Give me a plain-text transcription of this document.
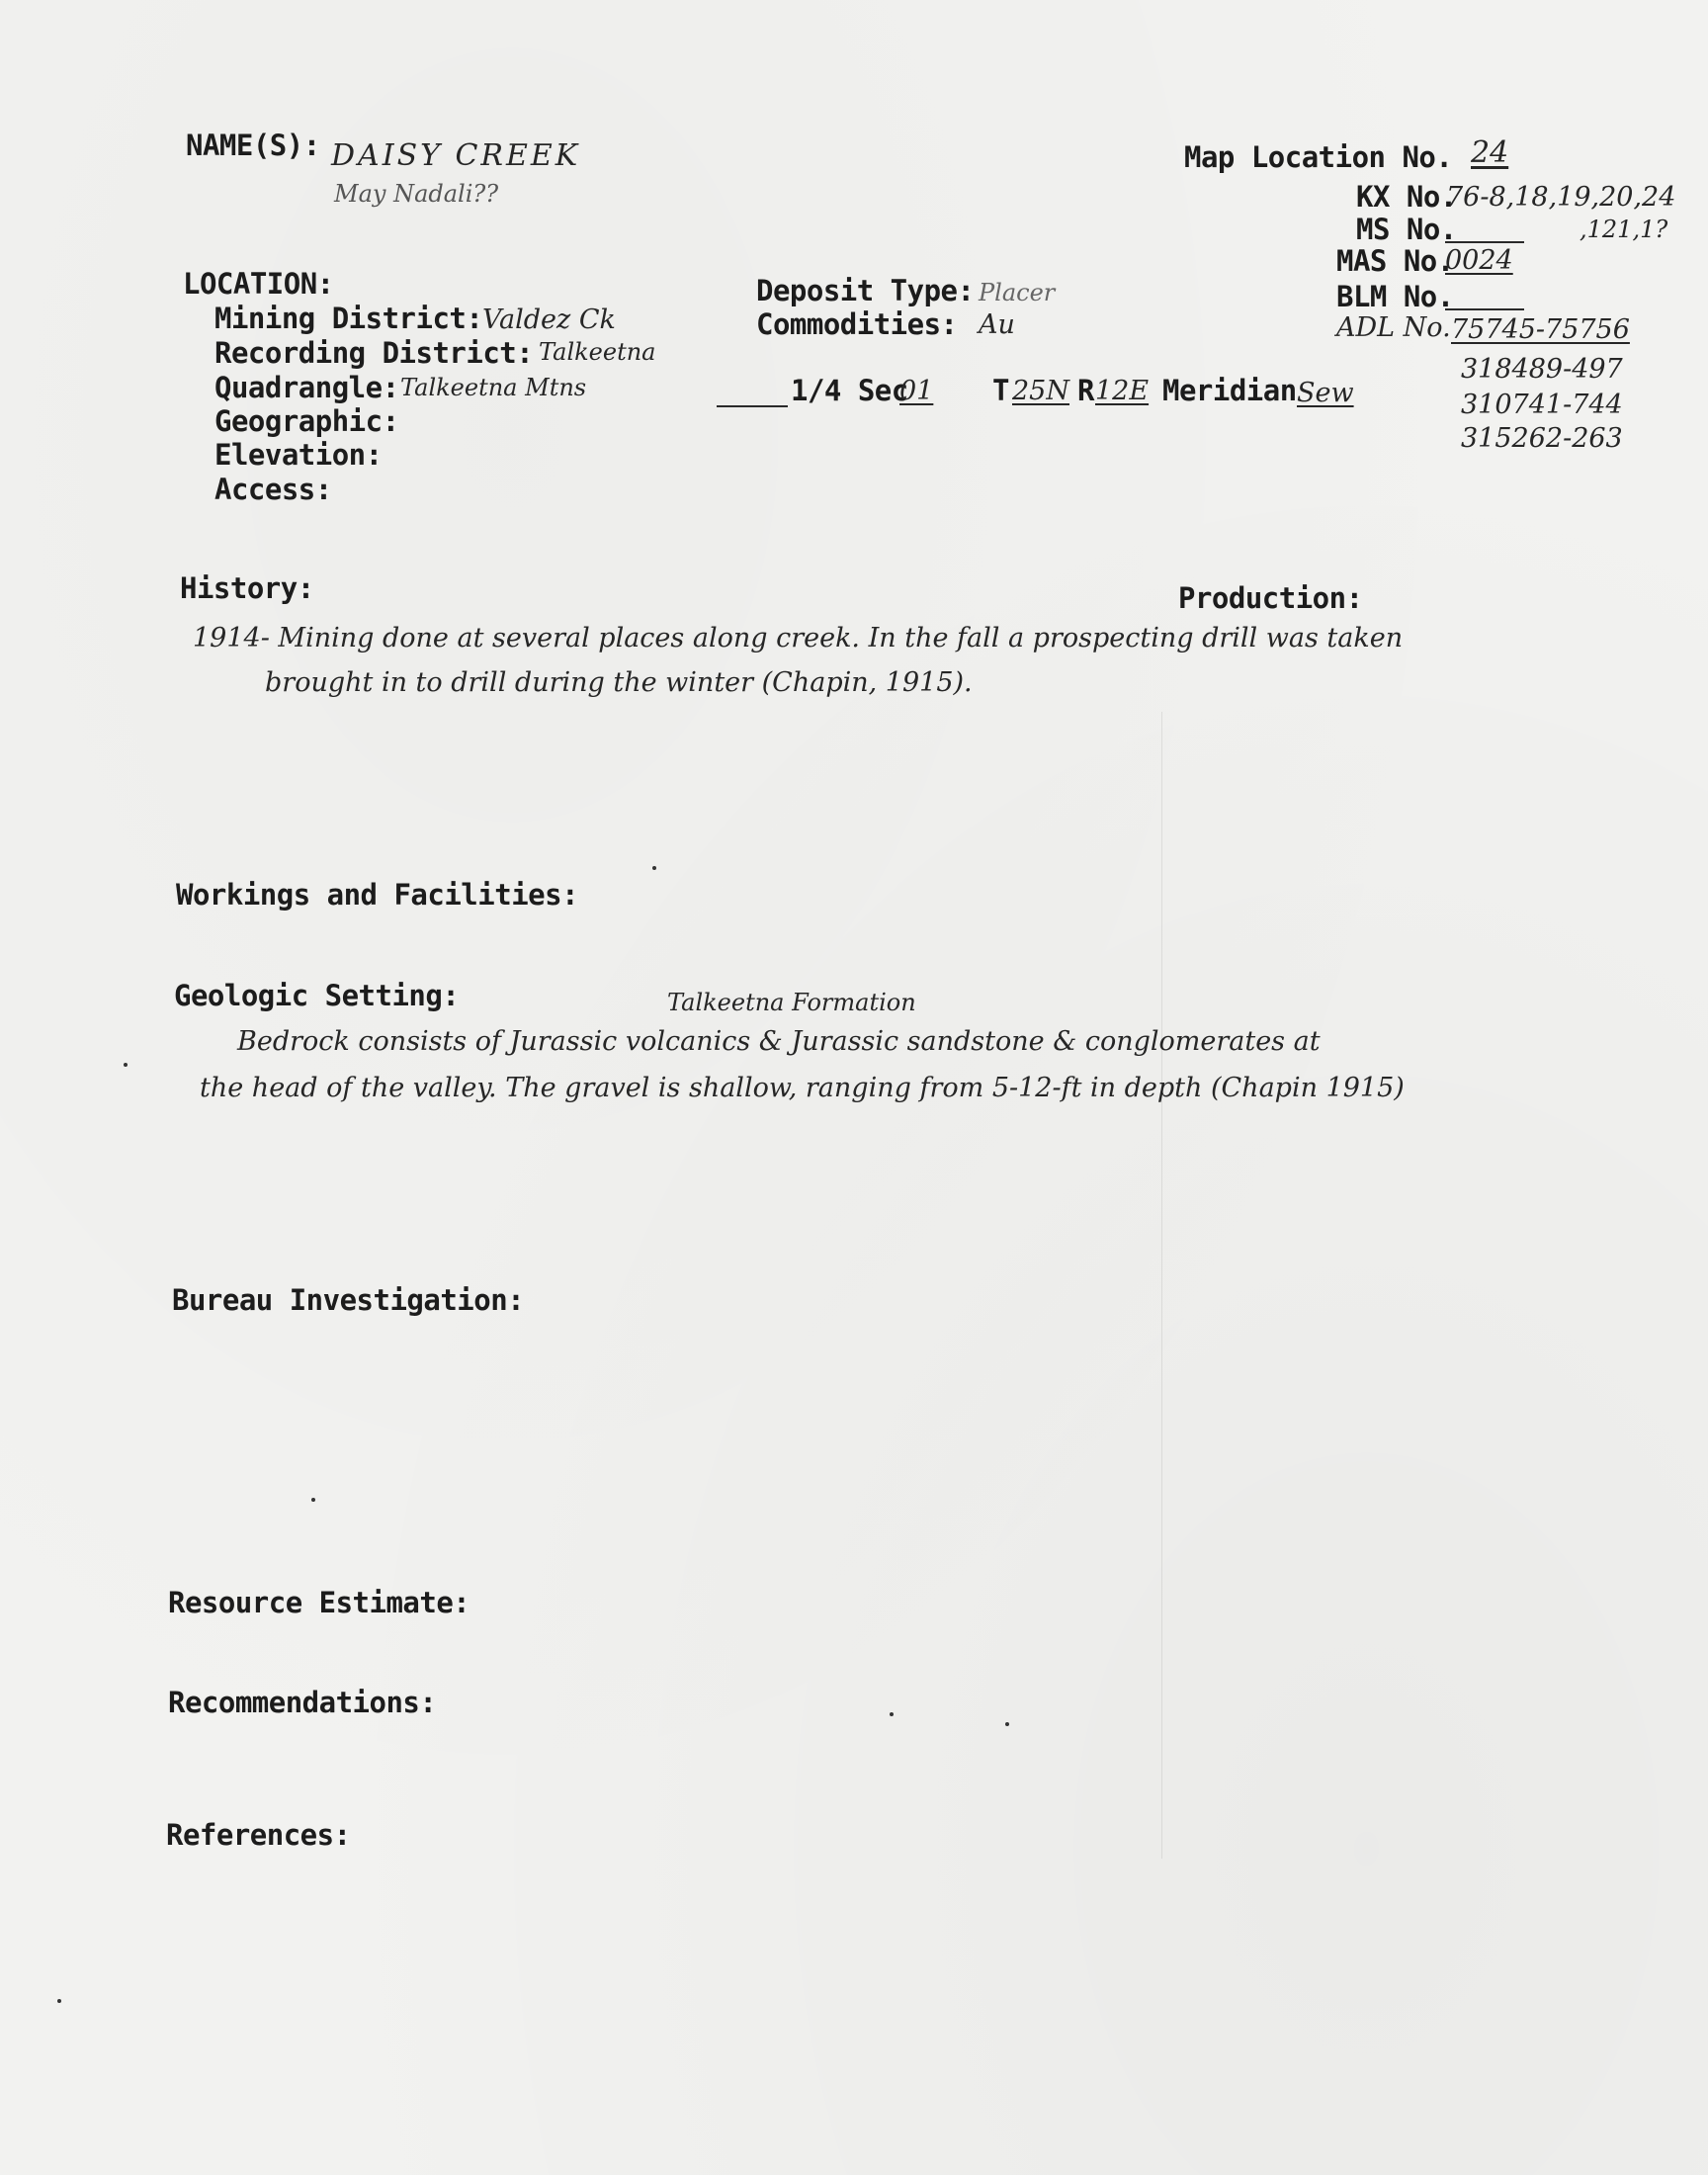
NAME(S): DAISY CREEK
May Nadali??
Map Location No. 24
KX No.
76-8,18,19,20,24
,121,1?
MS No.
MAS No.
0024
BLM No.
ADL No. 75745-75756
318489-497
310741-744
315262-263
LOCATION:
Mining District: Valdez Ck
Recording District: Talkeetna
Quadrangle: Talkeetna Mtns
Geographic:
Elevation:
Access:
Deposit Type: Placer
Commodities: Au
1/4 Sec
01 T 25N R 12E Meridian Sew
History:	Production:
1914- Mining done at several places along creek. In the fall a prospecting drill was taken
brought in to drill during the winter (Chapin, 1915).
Workings and Facilities:
Geologic Setting:	Talkeetna Formation
Bedrock consists of Jurassic volcanics & Jurassic sandstone & conglomerates at
the head of the valley. The gravel is shallow, ranging from 5-12-ft in depth (Chapin 1915)
Bureau Investigation:
Resource Estimate:
Recommendations:
References:
